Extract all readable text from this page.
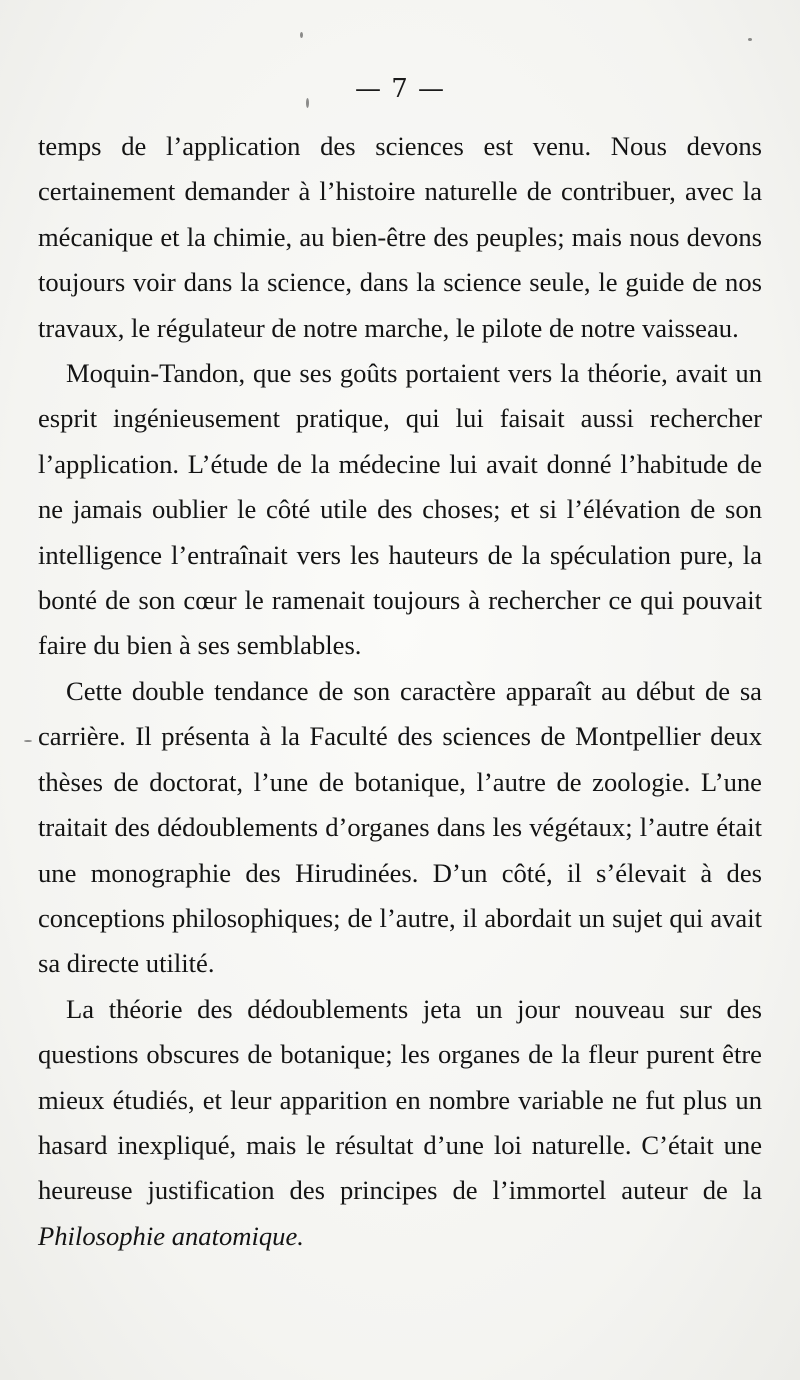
— 7 —

temps de l’application des sciences est venu. Nous devons certainement demander à l’histoire naturelle de contribuer, avec la mécanique et la chimie, au bien-être des peuples; mais nous devons toujours voir dans la science, dans la science seule, le guide de nos travaux, le régulateur de notre marche, le pilote de notre vaisseau.

Moquin-Tandon, que ses goûts portaient vers la théorie, avait un esprit ingénieusement pratique, qui lui faisait aussi rechercher l’application. L’étude de la médecine lui avait donné l’habitude de ne jamais oublier le côté utile des choses; et si l’élévation de son intelligence l’entraînait vers les hauteurs de la spéculation pure, la bonté de son cœur le ramenait toujours à rechercher ce qui pouvait faire du bien à ses semblables.

Cette double tendance de son caractère apparaît au début de sa carrière. Il présenta à la Faculté des sciences de Montpellier deux thèses de doctorat, l’une de botanique, l’autre de zoologie. L’une traitait des dédoublements d’organes dans les végétaux; l’autre était une monographie des Hirudinées. D’un côté, il s’élevait à des conceptions philosophiques; de l’autre, il abordait un sujet qui avait sa directe utilité.

La théorie des dédoublements jeta un jour nouveau sur des questions obscures de botanique; les organes de la fleur purent être mieux étudiés, et leur apparition en nombre variable ne fut plus un hasard inexpliqué, mais le résultat d’une loi naturelle. C’était une heureuse justification des principes de l’immortel auteur de la Philosophie anatomique.
